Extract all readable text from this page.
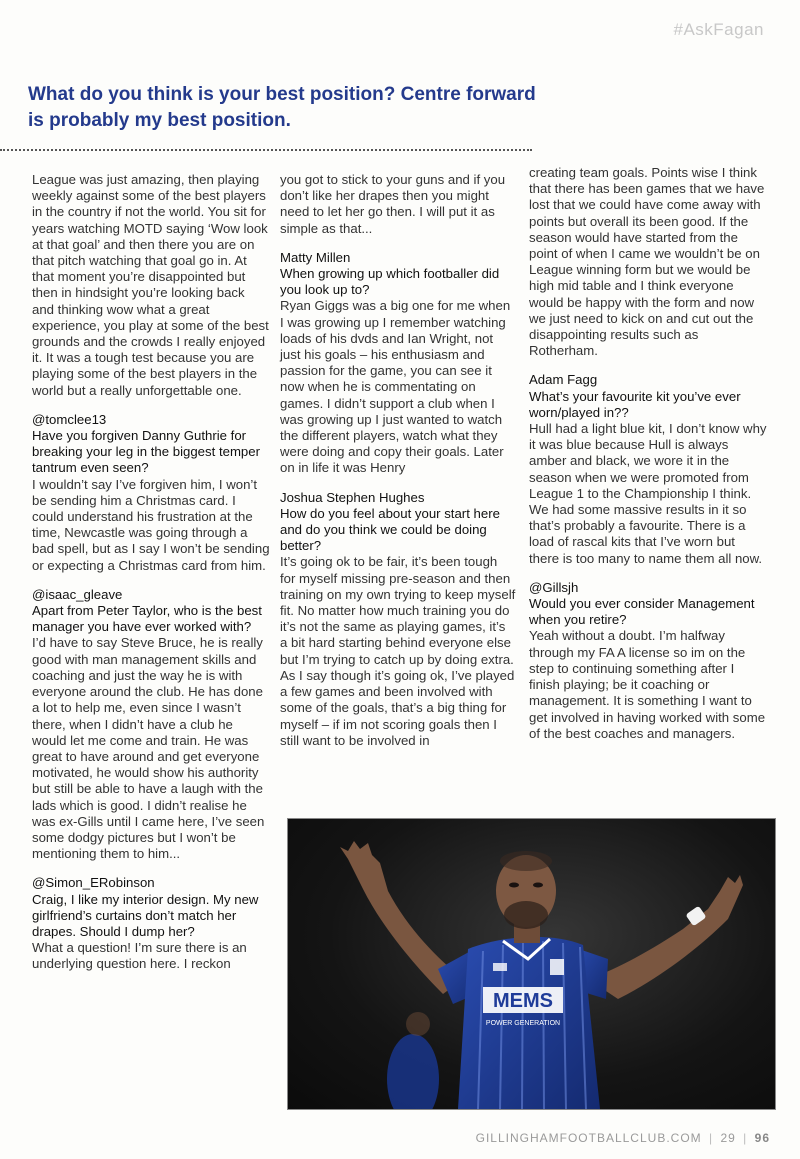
#AskFagan
What do you think is your best position? Centre forward is probably my best position.

League was just amazing, then playing weekly against some of the best players in the country if not the world. You sit for years watching MOTD saying ‘Wow look at that goal’ and then there you are on that pitch watching that goal go in. At that moment you’re disappointed but then in hindsight you’re looking back and thinking wow what a great experience, you play at some of the best grounds and the crowds I really enjoyed it. It was a tough test because you are playing some of the best players in the world but a really unforgettable one.

@tomclee13

Have you forgiven Danny Guthrie for breaking your leg in the biggest temper tantrum even seen?

I wouldn’t say I’ve forgiven him, I won’t be sending him a Christmas card. I could understand his frustration at the time, Newcastle was going through a bad spell, but as I say I won’t be sending or expecting a Christmas card from him.

@isaac_gleave

Apart from Peter Taylor, who is the best manager you have ever worked with?

I’d have to say Steve Bruce, he is really good with man management skills and coaching and just the way he is with everyone around the club. He has done a lot to help me, even since I wasn’t there, when I didn’t have a club he would let me come and train. He was great to have around and get everyone motivated, he would show his authority but still be able to have a laugh with the lads which is good. I didn’t realise he was ex-Gills until I came here, I’ve seen some dodgy pictures but I won’t be mentioning them to him...

@Simon_ERobinson

Craig, I like my interior design. My new girlfriend’s curtains don’t match her drapes. Should I dump her?

What a question! I’m sure there is an underlying question here. I reckon

you got to stick to your guns and if you don’t like her drapes then you might need to let her go then. I will put it as simple as that...

Matty Millen

When growing up which footballer did you look up to?

Ryan Giggs was a big one for me when I was growing up I remember watching loads of his dvds and Ian Wright, not just his goals – his enthusiasm and passion for the game, you can see it now when he is commentating on games. I didn’t support a club when I was growing up I just wanted to watch the different players, watch what they were doing and copy their goals. Later on in life it was Henry

Joshua Stephen Hughes

How do you feel about your start here and do you think we could be doing better?

It’s going ok to be fair, it’s been tough for myself missing pre-season and then training on my own trying to keep myself fit. No matter how much training you do it’s not the same as playing games, it’s a bit hard starting behind everyone else but I’m trying to catch up by doing extra. As I say though it’s going ok, I’ve played a few games and been involved with some of the goals, that’s a big thing for myself – if im not scoring goals then I still want to be involved in

creating team goals. Points wise I think that there has been games that we have lost that we could have come away with points but overall its been good. If the season would have started from the point of when I came we wouldn’t be on League winning form but we would be high mid table and I think everyone would be happy with the form and now we just need to kick on and cut out the disappointing results such as Rotherham.

Adam Fagg

What’s your favourite kit you’ve ever worn/played in??

Hull had a light blue kit, I don’t know why it was blue because Hull is always amber and black, we wore it in the season when we were promoted from League 1 to the Championship I think. We had some massive results in it so that’s probably a favourite. There is a load of rascal kits that I’ve worn but there is too many to name them all now.

@Gillsjh

Would you ever consider Management when you retire?

Yeah without a doubt. I’m halfway through my FA A license so im on the step to continuing something after I finish playing; be it coaching or management. It is something I want to get involved in having worked with some of the best coaches and managers.

MEMS
POWER GENERATION
GILLINGHAMFOOTBALLCLUB.COM | 29 | 96
